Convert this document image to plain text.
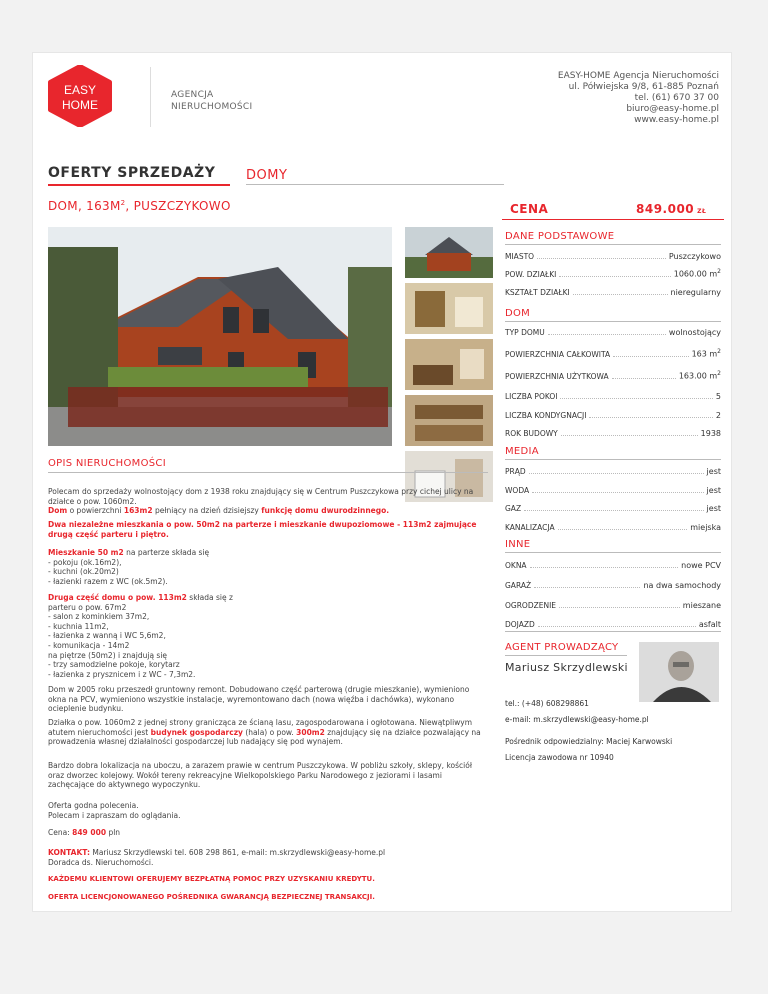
EASY
HOME
AGENCJA
NIERUCHOMOŚCI
EASY-HOME Agencja Nieruchomości
ul. Półwiejska 9/8, 61-885 Poznań
tel. (61) 670 37 00
biuro@easy-home.pl
www.easy-home.pl
OFERTY SPRZEDAŻY DOMY
DOM, $163M^2$, PUSZCZYKOWO	CENA	849.000 ZŁ
DANE PODSTAWOWE
DOM
MEDIA
INNE
AGENT PROWADZĄCY
Mariusz Skrzydlewski
tel.: (+48) 608298861
e-mail: m.skrzydlewski@easy-home.pl
Pośrednik odpowiedzialny: Maciej Karwowski
Licencja zawodowa nr 10940
OPIS NIERUCHOMOŚCI
Polecam do sprzedaży wolnostojący dom z 1938 roku znajdujący się w Centrum Puszczykowa przy cichej ulicy na działce o pow. 1060m2.
Dom o powierzchni 163m2 pełniący na dzień dzisiejszy funkcję domu dwurodzinnego.
Dwa niezależne mieszkania o pow. 50m2 na parterze i mieszkanie dwupoziomowe - 113m2 zajmujące drugą część parteru i piętro.
Mieszkanie 50 m2 na parterze składa się
- pokoju (ok.16m2),
- kuchni (ok.20m2)
- łazienki razem z WC (ok.5m2).
Druga część domu o pow. 113m2 składa się z
parteru o pow. 67m2
- salon z kominkiem 37m2,
- kuchnia 11m2,
- łazienka z wanną i WC 5,6m2,
- komunikacja - 14m2
na piętrze (50m2) i znajdują się
- trzy samodzielne pokoje, korytarz
- łazienka z prysznicem i z WC - 7,3m2.
Dom w 2005 roku przeszedł gruntowny remont. Dobudowano część parterową (drugie mieszkanie), wymieniono okna na PCV, wymieniono wszystkie instalacje, wyremontowano dach (nowa więźba i dachówka), wykonano ocieplenie budynku.
Działka o pow. 1060m2 z jednej strony granicząca ze ścianą lasu, zagospodarowana i ogłotowana. Niewątpliwym atutem nieruchomości jest budynek gospodarczy (hala) o pow. 300m2 znajdujący się na działce pozwalający na prowadzenia własnej działalności gospodarczej lub nadający się pod wynajem.
Bardzo dobra lokalizacja na uboczu, a zarazem prawie w centrum Puszczykowa. W pobliżu szkoły, sklepy, kościół oraz dworzec kolejowy. Wokół tereny rekreacyjne Wielkopolskiego Parku Narodowego z jeziorami i lasami zachęcające do aktywnego wypoczynku.
Oferta godna polecenia.
Polecam i zapraszam do oglądania.
Cena: 849 000 pln
KONTAKT: Mariusz Skrzydlewski tel. 608 298 861, e-mail: m.skrzydlewski@easy-home.pl
Doradca ds. Nieruchomości.
KAŻDEMU KLIENTOWI OFERUJEMY BEZPŁATNĄ POMOC PRZY UZYSKANIU KREDYTU.
OFERTA LICENCJONOWANEGO POŚREDNIKA GWARANCJĄ BEZPIECZNEJ TRANSAKCJI.
MIASTO	Puszczykowo
POW. DZIAŁKI	1060.00 $m^2$
KSZTAŁT DZIAŁKI	nieregularny
TYP DOMU	wolnostojący
POWIERZCHNIA CAŁKOWITA	163 $m^2$
POWIERZCHNIA UŻYTKOWA	163.00 $m^2$
LICZBA POKOI	5
LICZBA KONDYGNACJI	2
ROK BUDOWY	1938
PRĄD	jest
WODA	jest
GAZ	jest
KANALIZACJA	miejska
OKNA	nowe PCV
GARAŻ	na dwa samochody
OGRODZENIE	mieszane
DOJAZD	asfalt
